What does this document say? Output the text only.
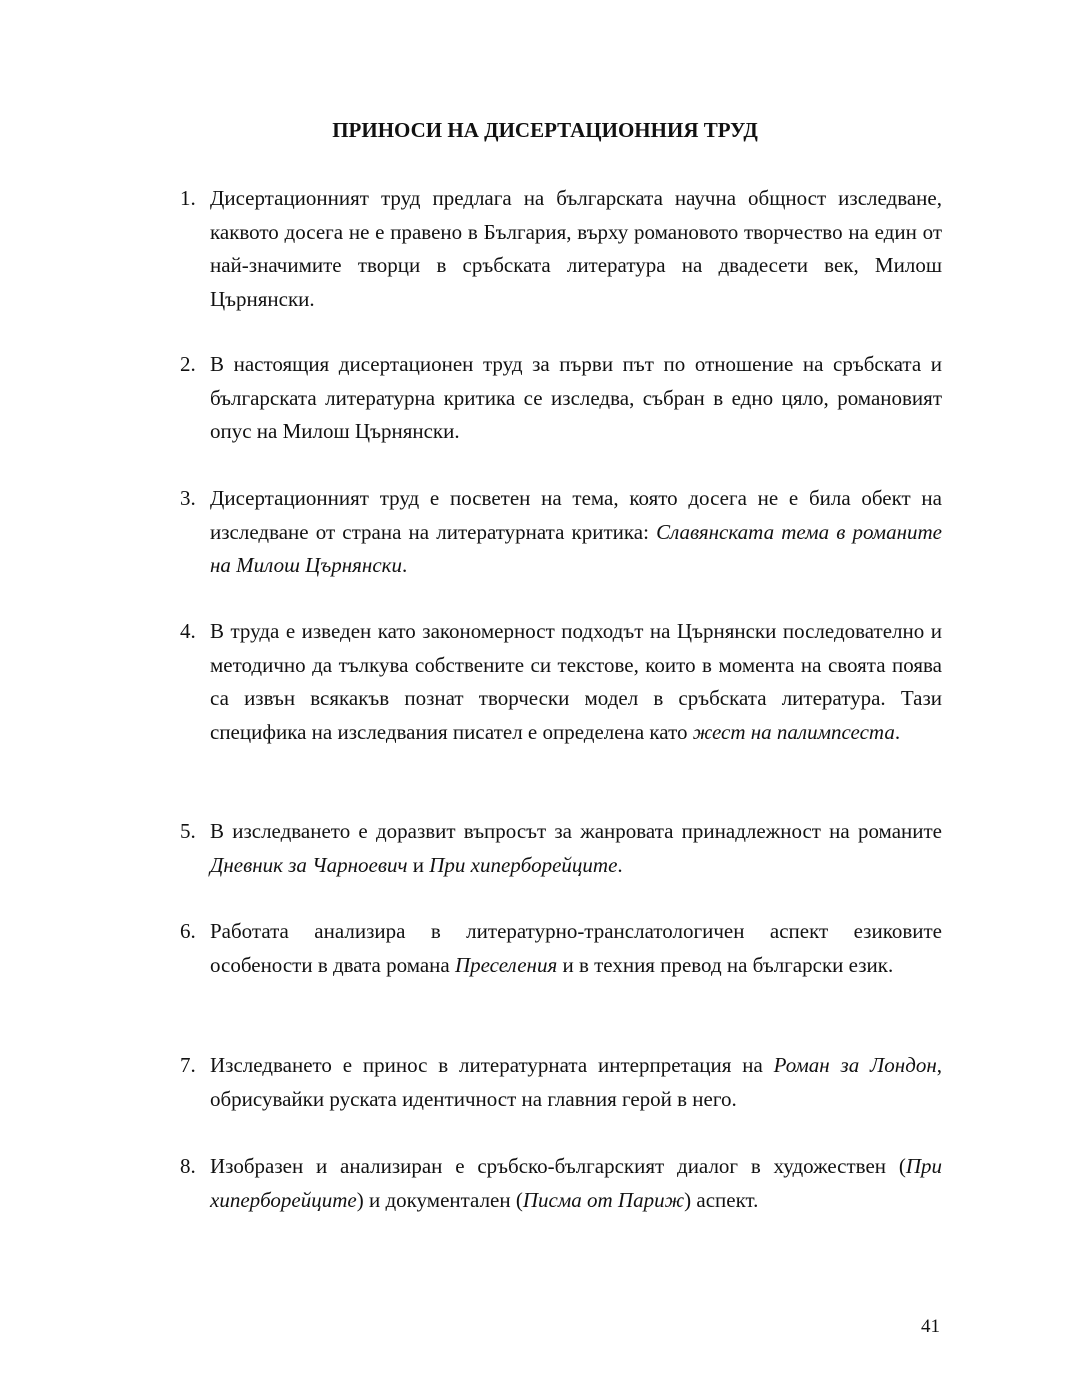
ПРИНОСИ НА ДИСЕРТАЦИОННИЯ ТРУД
1. Дисертационният труд предлага на българската научна общност изследване, каквото досега не е правено в България, върху романовото творчество на един от най-значимите творци в сръбската литература на двадесети век, Милош Църнянски.
2. В настоящия дисертационен труд за първи път по отношение на сръбската и българската литературна критика се изследва, събран в едно цяло, романовият опус на Милош Църнянски.
3. Дисертационният труд е посветен на тема, която досега не е била обект на изследване от страна на литературната критика: Славянската тема в романите на Милош Църнянски.
4. В труда е изведен като закономерност подходът на Църнянски последователно и методично да тълкува собствените си текстове, които в момента на своята поява са извън всякакъв познат творчески модел в сръбската литература. Тази специфика на изследвания писател е определена като жест на палимпсеста.
5. В изследването е доразвит въпросът за жанровата принадлежност на романите Дневник за Чарноевич и При хиперборейците.
6. Работата анализира в литературно-транслатологичен аспект езиковите особености в двата романа Преселения и в техния превод на български език.
7. Изследването е принос в литературната интерпретация на Роман за Лондон, обрисувайки руската идентичност на главния герой в него.
8. Изобразен и анализиран е сръбско-българският диалог в художествен (При хиперборейците) и документален (Писма от Париж) аспект.
41
